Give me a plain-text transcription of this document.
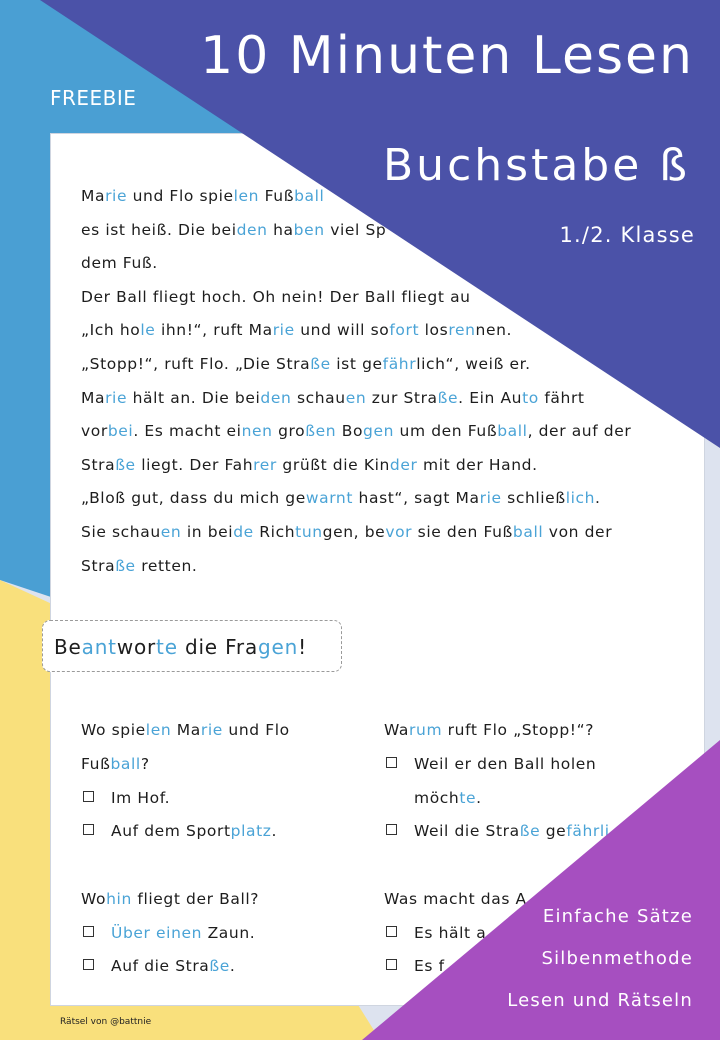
Marie und Flo spielen Fußball
es ist heiß. Die beiden haben viel Sp
dem Fuß.
Der Ball fliegt hoch. Oh nein! Der Ball fliegt au
„Ich hole ihn!“, ruft Marie und will sofort losrennen.
„Stopp!“, ruft Flo. „Die Straße ist gefährlich“, weiß er.
Marie hält an. Die beiden schauen zur Straße. Ein Auto fährt
vorbei. Es macht einen großen Bogen um den Fußball, der auf der
Straße liegt. Der Fahrer grüßt die Kinder mit der Hand.
„Bloß gut, dass du mich gewarnt hast“, sagt Marie schließlich.
Sie schauen in beide Richtungen, bevor sie den Fußball von der
Straße retten.
Beantworte die Fragen!
Wo spielen Marie und Flo
Fußball?
Im Hof.
Auf dem Sportplatz.
Warum ruft Flo „Stopp!“?
Weil er den Ball holen
möchte.
Weil die Straße gefährli
Wohin fliegt der Ball?
Über einen Zaun.
Auf die Straße.
Was macht das A
Es hält a
Es f
10 Minuten Lesen
Buchstabe ß
1./2. Klasse
FREEBIE
Einfache Sätze
Silbenmethode
Lesen und Rätseln
Rätsel von @battnie
